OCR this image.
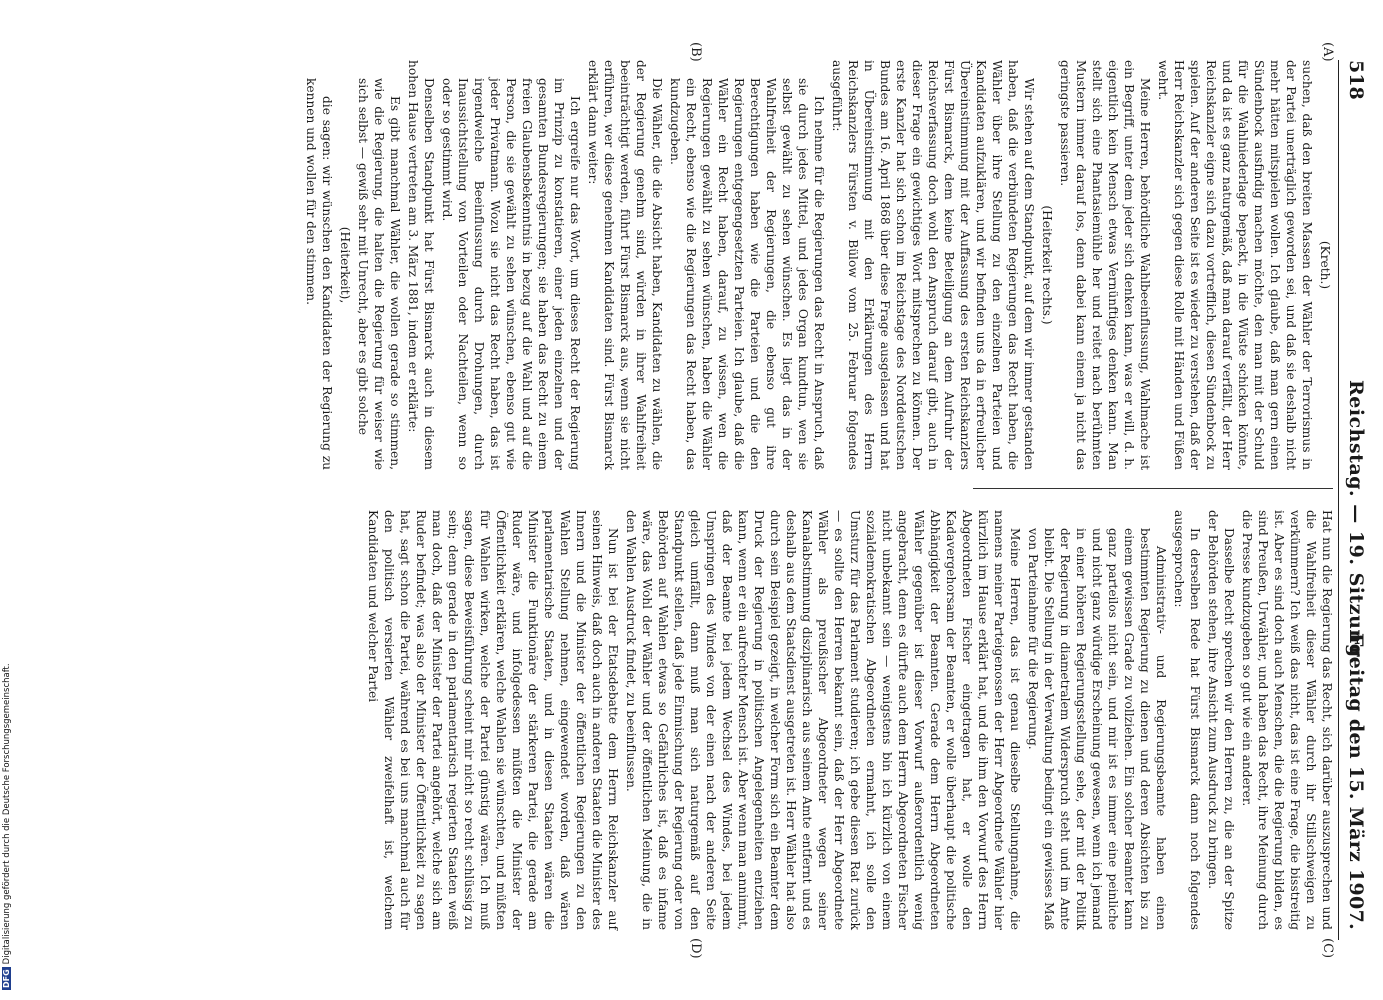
518
Reichstag. — 19. Sitzung.
Freitag den 15. März 1907.
(A)
(B)
(C)
(D)

(Kreth.)

suchen, daß den breiten Massen der Wähler der Terrorismus in der Partei unerträglich geworden sei, und daß sie deshalb nicht mehr hätten mitspielen wollen. Ich glaube, daß man gern einen Sündenbock ausfindig machen möchte, den man mit der Schuld für die Wahlniederlage bepackt, in die Wüste schicken könnte, und da ist es ganz naturgemäß, daß man darauf verfällt, der Herr Reichskanzler eigne sich dazu vortrefflich, diesen Sündenbock zu spielen. Auf der anderen Seite ist es wieder zu verstehen, daß der Herr Reichskanzler sich gegen diese Rolle mit Händen und Füßen wehrt.

Meine Herren, behördliche Wahlbeeinflussung, Wahlmache ist ein Begriff, unter dem jeder sich denken kann, was er will, d. h. eigentlich kein Mensch etwas Vernünftiges denken kann. Man stellt sich eine Phantasiemühle her und reitet nach berühmten Mustern immer darauf los, denn dabei kann einem ja nicht das geringste passieren.

(Heiterkeit rechts.)

Wir stehen auf dem Standpunkt, auf dem wir immer gestanden haben, daß die verbündeten Regierungen das Recht haben, die Wähler über ihre Stellung zu den einzelnen Parteien und Kandidaten aufzuklären, und wir befinden uns da in erfreulicher Übereinstimmung mit der Auffassung des ersten Reichskanzlers Fürst Bismarck, dem keine Beteiligung an dem Aufruhr der Reichsverfassung doch wohl den Anspruch darauf gibt, auch in dieser Frage ein gewichtiges Wort mitsprechen zu können. Der erste Kanzler hat sich schon im Reichstage des Norddeutschen Bundes am 16. April 1868 über diese Frage ausgelassen und hat in Übereinstimmung mit den Erklärungen des Herrn Reichskanzlers Fürsten v. Bülow vom 25. Februar folgendes ausgeführt:

Ich nehme für die Regierungen das Recht in Anspruch, daß sie durch jedes Mittel, und jedes Organ kundtun, wen sie selbst gewählt zu sehen wünschen. Es liegt das in der Wahlfreiheit der Regierungen, die ebenso gut ihre Berechtigungen haben wie die Parteien und die den Regierungen entgegengesetzten Parteien. Ich glaube, daß die Wähler ein Recht haben, darauf, zu wissen, wen die Regierungen gewählt zu sehen wünschen, haben die Wähler ein Recht, ebenso wie die Regierungen das Recht haben, das kundzugeben.

Die Wähler, die die Absicht haben, Kandidaten zu wählen, die der Regierung genehm sind, würden in ihrer Wahlfreiheit beeinträchtigt werden, führt Fürst Bismarck aus, wenn sie nicht erführen, wer diese genehmen Kandidaten sind. Fürst Bismarck erklärt dann weiter:

Ich ergreife nur das Wort, um dieses Recht der Regierung im Prinzip zu konstatieren, einer jeden einzelnen und der gesamten Bundesregierungen; sie haben das Recht zu einem freien Glaubensbekenntnis in bezug auf die Wahl und auf die Person, die sie gewählt zu sehen wünschen, ebenso gut wie jeder Privatmann. Wozu sie nicht das Recht haben, das ist irgendwelche Beeinflussung durch Drohungen, durch Inaussichtstellung von Vorteilen oder Nachteilen, wenn so oder so gestimmt wird.

Denselben Standpunkt hat Fürst Bismarck auch in diesem hohen Hause vertreten am 3. März 1881, indem er erklärte:

Es gibt manchmal Wähler, die wollen gerade so stimmen, wie die Regierung, die halten die Regierung für weiser wie sich selbst — gewiß sehr mit Unrecht, aber es gibt solche

(Heiterkeit),

die sagen: wir wünschen den Kandidaten der Regierung zu kennen und wollen für den stimmen.

Hat nun die Regierung das Recht, sich darüber auszusprechen und die Wahlfreiheit dieser Wähler durch ihr Stillschweigen zu verkümmern? Ich weiß das nicht, das ist eine Frage, die bisstreitig ist. Aber es sind doch auch Menschen, die die Regierung bilden, es sind Preußen, Urwähler, und haben das Recht, ihre Meinung durch die Presse kundzugeben so gut wie ein anderer.

Dasselbe Recht sprechen wir den Herren zu, die an der Spitze der Behörden stehen, ihre Ansicht zum Ausdruck zu bringen.

In derselben Rede hat Fürst Bismarck dann noch folgendes ausgesprochen:

Administrativ- und Regierungsbeamte haben einen bestimmten Regierung zu dienen und deren Absichten bis zu einem gewissen Grade zu vollziehen. Ein solcher Beamter kann ganz parteilos nicht sein, und mir ist es immer eine peinliche und nicht ganz würdige Erscheinung gewesen, wenn ich jemand in einer höheren Regierungsstellung sehe, der mit der Politik der Regierung in diametralem Widerspruch steht und im Amte bleibt. Die Stellung in der Verwaltung bedingt ein gewisses Maß von Parteinahme für die Regierung.

Meine Herren, das ist genau dieselbe Stellungnahme, die namens meiner Parteigenossen der Herr Abgeordnete Wähler hier kürzlich im Hause erklärt hat, und die ihm den Vorwurf des Herrn Abgeordneten Fischer eingetragen hat, er wolle den Kadavergehorsam der Beamten, er wolle überhaupt die politische Abhängigkeit der Beamten. Gerade dem Herrn Abgeordneten Wähler gegenüber ist dieser Vorwurf außerordentlich wenig angebracht, denn es dürfte auch dem Herrn Abgeordneten Fischer nicht unbekannt sein — wenigstens bin ich kürzlich von einem sozialdemokratischen Abgeordneten ermahnt, ich solle den Umsturz für das Parlament studieren; ich gebe diesen Rat zurück — es sollte den Herren bekannt sein, daß der Herr Abgeordnete Wähler als preußischer Abgeordneter wegen seiner Kanalabstimmung disziplinarisch aus seinem Amte entfernt und es deshalb aus dem Staatsdienst ausgetreten ist. Herr Wähler hat also durch sein Beispiel gezeigt, in welcher Form sich ein Beamter dem Druck der Regierung in politischen Angelegenheiten entziehen kann, wenn er ein aufrechter Mensch ist. Aber wenn man annimmt, daß der Beamte bei jedem Wechsel des Windes, bei jedem Umspringen des Windes von der einen nach der anderen Seite gleich umfällt, dann muß man sich naturgemäß auf den Standpunkt stellen, daß jede Einmischung der Regierung oder von Behörden auf Wahlen etwas so Gefährliches ist, daß es infame wäre, das Wohl der Wähler und der öffentlichen Meinung, die in den Wahlen Ausdruck findet, zu beeinflussen.

Nun ist bei der Etatsdebatte dem Herrn Reichskanzler auf seinen Hinweis, daß doch auch in anderen Staaten die Minister des Innern und die Minister der öffentlichen Regierungen zu den Wahlen Stellung nehmen, eingewendet worden, daß wären parlamentarische Staaten, und in diesen Staaten wären die Minister die Funktionäre der stärkeren Partei, die gerade am Ruder wäre, und infolgedessen müßten die Minister der Öffentlichkeit erklären, welche Wahlen sie wünschten, und müßten für Wahlen wirken, welche der Partei günstig wären. Ich muß sagen, diese Beweisführung scheint mir nicht so recht schlüssig zu sein; denn gerade in den parlamentarisch regierten Staaten weiß man doch, daß der Minister der Partei angehört, welche sich am Ruder befindet; was also der Minister der Öffentlichkeit zu sagen hat, sagt schon die Partei, während es bei uns manchmal auch für den politisch versierten Wähler zweifelhaft ist, welchem Kandidaten und welcher Partei

DFGDigitalisierung gefördert durch die Deutsche Forschungsgemeinschaft.
